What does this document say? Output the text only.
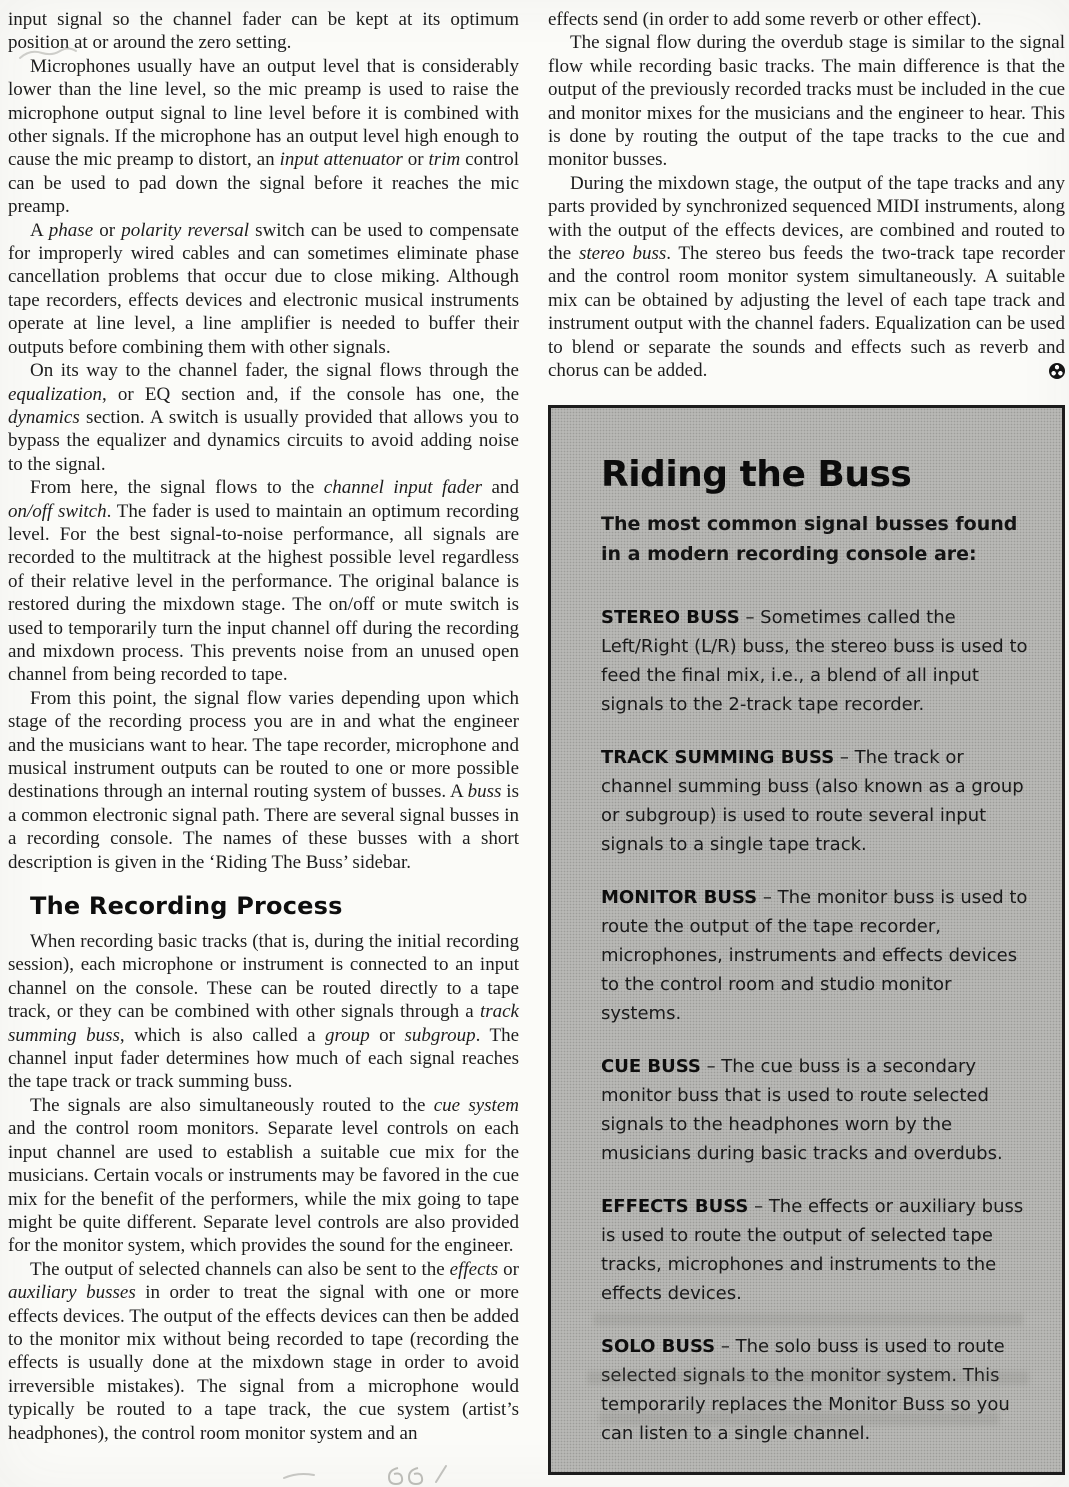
input signal so the channel fader can be kept at its optimum position at or around the zero setting.

Microphones usually have an output level that is considerably lower than the line level, so the mic preamp is used to raise the microphone output signal to line level before it is combined with other signals. If the microphone has an output level high enough to cause the mic preamp to distort, an input attenuator or trim control can be used to pad down the signal before it reaches the mic preamp.

A phase or polarity reversal switch can be used to compensate for improperly wired cables and can sometimes eliminate phase cancellation problems that occur due to close miking. Although tape recorders, effects devices and electronic musical instruments operate at line level, a line amplifier is needed to buffer their outputs before combining them with other signals.

On its way to the channel fader, the signal flows through the equalization, or EQ section and, if the console has one, the dynamics section. A switch is usually provided that allows you to bypass the equalizer and dynamics circuits to avoid adding noise to the signal.

From here, the signal flows to the channel input fader and on/off switch. The fader is used to maintain an optimum recording level. For the best signal-to-noise performance, all signals are recorded to the multitrack at the highest possible level regardless of their relative level in the performance. The original balance is restored during the mixdown stage. The on/off or mute switch is used to temporarily turn the input channel off during the recording and mixdown process. This prevents noise from an unused open channel from being recorded to tape.

From this point, the signal flow varies depending upon which stage of the recording process you are in and what the engineer and the musicians want to hear. The tape recorder, microphone and musical instrument outputs can be routed to one or more possible destinations through an internal routing system of busses. A buss is a common electronic signal path. There are several signal busses in a recording console. The names of these busses with a short description is given in the ‘Riding The Buss’ sidebar.

The Recording Process

When recording basic tracks (that is, during the initial recording session), each microphone or instrument is connected to an input channel on the console. These can be routed directly to a tape track, or they can be combined with other signals through a track summing buss, which is also called a group or subgroup. The channel input fader determines how much of each signal reaches the tape track or track summing buss.

The signals are also simultaneously routed to the cue system and the control room monitors. Separate level controls on each input channel are used to establish a suitable cue mix for the musicians. Certain vocals or instruments may be favored in the cue mix for the benefit of the performers, while the mix going to tape might be quite different. Separate level controls are also provided for the monitor system, which provides the sound for the engineer.

The output of selected channels can also be sent to the effects or auxiliary busses in order to treat the signal with one or more effects devices. The output of the effects devices can then be added to the monitor mix without being recorded to tape (recording the effects is usually done at the mixdown stage in order to avoid irreversible mistakes). The signal from a microphone would typically be routed to a tape track, the cue system (artist’s headphones), the control room monitor system and an

effects send (in order to add some reverb or other effect).

The signal flow during the overdub stage is similar to the signal flow while recording basic tracks. The main difference is that the output of the previously recorded tracks must be included in the cue and monitor mixes for the musicians and the engineer to hear. This is done by routing the output of the tape tracks to the cue and monitor busses.

During the mixdown stage, the output of the tape tracks and any parts provided by synchronized sequenced MIDI instruments, along with the output of the effects devices, are combined and routed to the stereo buss. The stereo bus feeds the two-track tape recorder and the control room monitor system simultaneously. A suitable mix can be obtained by adjusting the level of each tape track and instrument output with the channel faders. Equalization can be used to blend or separate the sounds and effects such as reverb and chorus can be added.

Riding the Buss

The most common signal busses found in a modern recording console are:

STEREO BUSS – Sometimes called the Left/Right (L/R) buss, the stereo buss is used to feed the final mix, i.e., a blend of all input signals to the 2-track tape recorder.

TRACK SUMMING BUSS – The track or channel summing buss (also known as a group or subgroup) is used to route several input signals to a single tape track.

MONITOR BUSS – The monitor buss is used to route the output of the tape recorder, microphones, instruments and effects devices to the control room and studio monitor systems.

CUE BUSS – The cue buss is a secondary monitor buss that is used to route selected signals to the headphones worn by the musicians during basic tracks and overdubs.

EFFECTS BUSS – The effects or auxiliary buss is used to route the output of selected tape tracks, microphones and instruments to the effects devices.

SOLO BUSS – The solo buss is used to route selected signals to the monitor system. This temporarily replaces the Monitor Buss so you can listen to a single channel.
